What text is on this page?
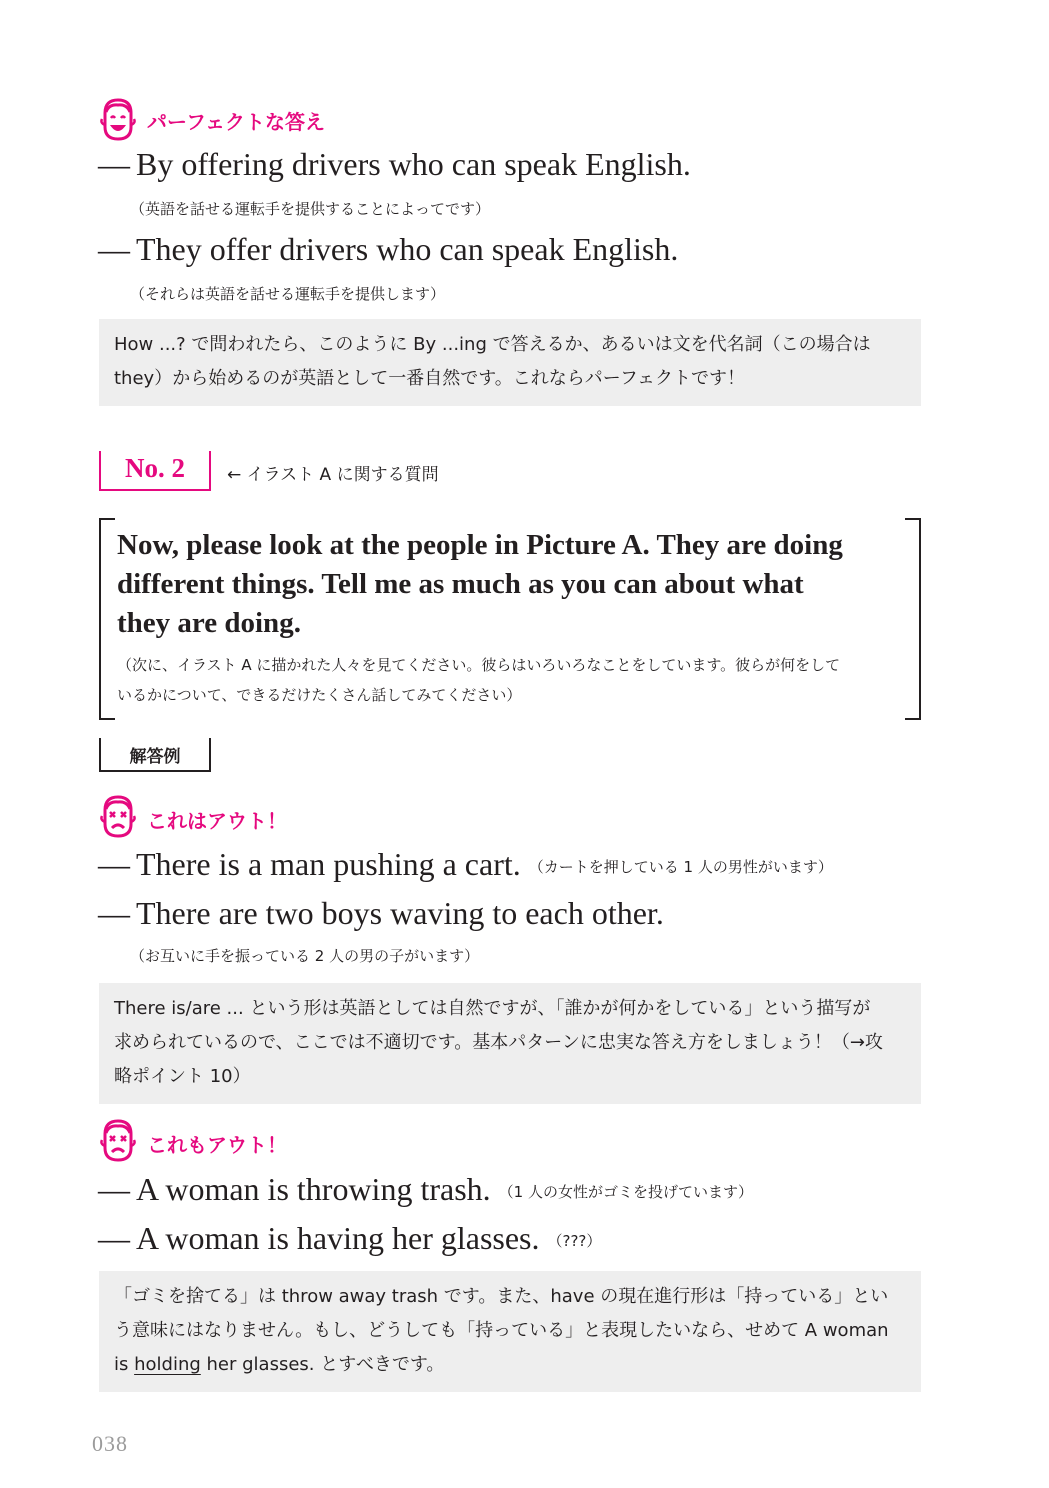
パーフェクトな答え
— By offering drivers who can speak English.
（英語を話せる運転手を提供することによってです）
— They offer drivers who can speak English.
（それらは英語を話せる運転手を提供します）
How ...? で問われたら、このように By ...ing で答えるか、あるいは文を代名詞（この場合は
they）から始めるのが英語として一番自然です。これならパーフェクトです！
No. 2	← イラスト A に関する質問
Now, please look at the people in Picture A. They are doing
different things. Tell me as much as you can about what
they are doing.
（次に、イラスト A に描かれた人々を見てください。彼らはいろいろなことをしています。彼らが何をして
いるかについて、できるだけたくさん話してみてください）
解答例
これはアウト！
— There is a man pushing a cart. （カートを押している 1 人の男性がいます）
— There are two boys waving to each other.
（お互いに手を振っている 2 人の男の子がいます）
There is/are ... という形は英語としては自然ですが、「誰かが何かをしている」という描写が
求められているので、ここでは不適切です。基本パターンに忠実な答え方をしましょう！（→攻
略ポイント 10）
これもアウト！
— A woman is throwing trash. （1 人の女性がゴミを投げています）
— A woman is having her glasses. （???）
「ゴミを捨てる」は throw away trash です。また、have の現在進行形は「持っている」とい
う意味にはなりません。もし、どうしても「持っている」と表現したいなら、せめて A woman
is holding her glasses. とすべきです。
038
